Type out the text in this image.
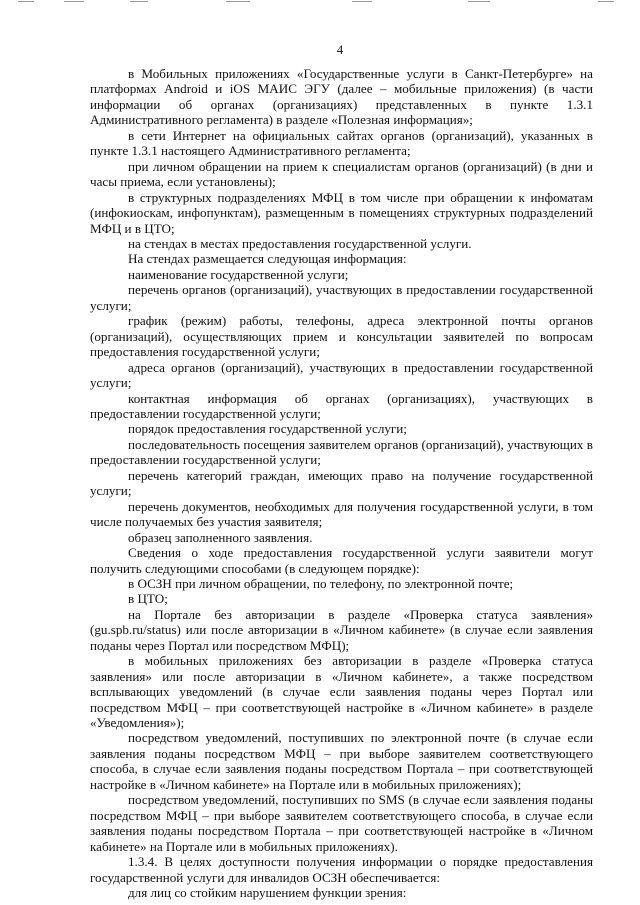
4

в Мобильных приложениях «Государственные услуги в Санкт-Петербурге» на платформах Android и iOS МАИС ЭГУ (далее – мобильные приложения) (в части информации об органах (организациях) представленных в пункте 1.3.1 Административного регламента) в разделе «Полезная информация»;

в сети Интернет на официальных сайтах органов (организаций), указанных в пункте 1.3.1 настоящего Административного регламента;

при личном обращении на прием к специалистам органов (организаций) (в дни и часы приема, если установлены);

в структурных подразделениях МФЦ в том числе при обращении к инфоматам (инфокиоскам, инфопунктам), размещенным в помещениях структурных подразделений МФЦ и в ЦТО;

на стендах в местах предоставления государственной услуги.

На стендах размещается следующая информация:

наименование государственной услуги;

перечень органов (организаций), участвующих в предоставлении государственной услуги;

график (режим) работы, телефоны, адреса электронной почты органов (организаций), осуществляющих прием и консультации заявителей по вопросам предоставления государственной услуги;

адреса органов (организаций), участвующих в предоставлении государственной услуги;

контактная информация об органах (организациях), участвующих в предоставлении государственной услуги;

порядок предоставления государственной услуги;

последовательность посещения заявителем органов (организаций), участвующих в предоставлении государственной услуги;

перечень категорий граждан, имеющих право на получение государственной услуги;

перечень документов, необходимых для получения государственной услуги, в том числе получаемых без участия заявителя;

образец заполненного заявления.

Сведения о ходе предоставления государственной услуги заявители могут получить следующими способами (в следующем порядке):

в ОСЗН при личном обращении, по телефону, по электронной почте;

в ЦТО;

на Портале без авторизации в разделе «Проверка статуса заявления» (gu.spb.ru/status) или после авторизации в «Личном кабинете» (в случае если заявления поданы через Портал или посредством МФЦ);

в мобильных приложениях без авторизации в разделе «Проверка статуса заявления» или после авторизации в «Личном кабинете», а также посредством всплывающих уведомлений (в случае если заявления поданы через Портал или посредством МФЦ – при соответствующей настройке в «Личном кабинете» в разделе «Уведомления»);

посредством уведомлений, поступивших по электронной почте (в случае если заявления поданы посредством МФЦ – при выборе заявителем соответствующего способа, в случае если заявления поданы посредством Портала – при соответствующей настройке в «Личном кабинете» на Портале или в мобильных приложениях);

посредством уведомлений, поступивших по SMS (в случае если заявления поданы посредством МФЦ – при выборе заявителем соответствующего способа, в случае если заявления поданы посредством Портала – при соответствующей настройке в «Личном кабинете» на Портале или в мобильных приложениях).

1.3.4. В целях доступности получения информации о порядке предоставления государственной услуги для инвалидов ОСЗН обеспечивается:

для лиц со стойким нарушением функции зрения:
